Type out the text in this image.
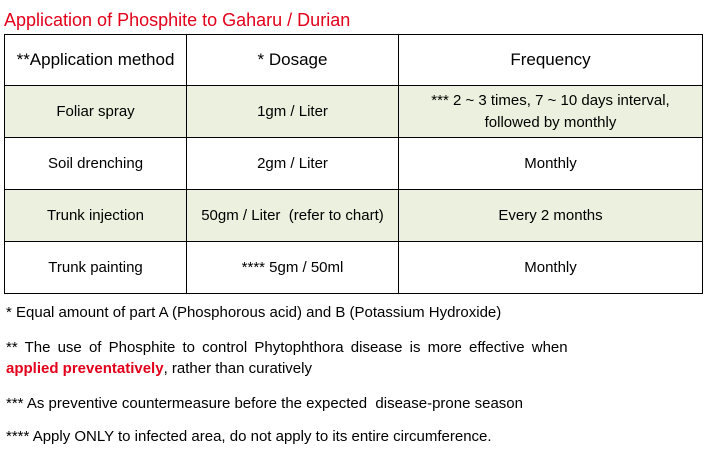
Application of Phosphite to Gaharu / Durian
**Application method	* Dosage	Frequency
Foliar spray	1gm / Liter	*** 2 ~ 3 times, 7 ~ 10 days interval,
followed by monthly

Soil drenching	2gm / Liter	Monthly
Trunk injection	50gm / Liter  (refer to chart)	Every 2 months
Trunk painting	**** 5gm / 50ml	Monthly

* Equal amount of part A (Phosphorous acid) and B (Potassium Hydroxide)

** The use of Phosphite to control Phytophthora disease is more effective when

applied preventatively, rather than curatively

*** As preventive countermeasure before the expected  disease-prone season

**** Apply ONLY to infected area, do not apply to its entire circumference.
